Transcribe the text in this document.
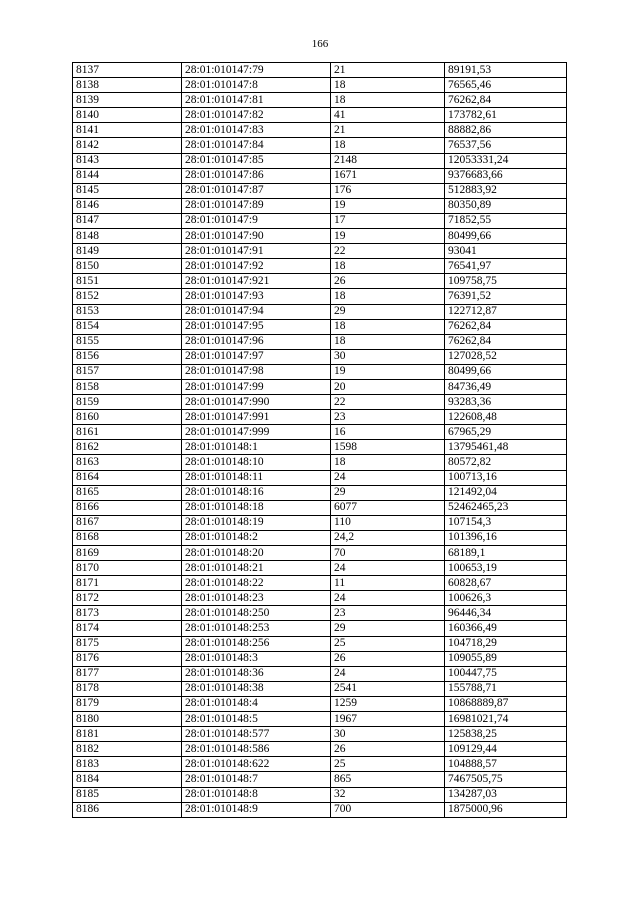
166
8137	28:01:010147:79	21	89191,53
8138	28:01:010147:8	18	76565,46
8139	28:01:010147:81	18	76262,84
8140	28:01:010147:82	41	173782,61
8141	28:01:010147:83	21	88882,86
8142	28:01:010147:84	18	76537,56
8143	28:01:010147:85	2148	12053331,24
8144	28:01:010147:86	1671	9376683,66
8145	28:01:010147:87	176	512883,92
8146	28:01:010147:89	19	80350,89
8147	28:01:010147:9	17	71852,55
8148	28:01:010147:90	19	80499,66
8149	28:01:010147:91	22	93041
8150	28:01:010147:92	18	76541,97
8151	28:01:010147:921	26	109758,75
8152	28:01:010147:93	18	76391,52
8153	28:01:010147:94	29	122712,87
8154	28:01:010147:95	18	76262,84
8155	28:01:010147:96	18	76262,84
8156	28:01:010147:97	30	127028,52
8157	28:01:010147:98	19	80499,66
8158	28:01:010147:99	20	84736,49
8159	28:01:010147:990	22	93283,36
8160	28:01:010147:991	23	122608,48
8161	28:01:010147:999	16	67965,29
8162	28:01:010148:1	1598	13795461,48
8163	28:01:010148:10	18	80572,82
8164	28:01:010148:11	24	100713,16
8165	28:01:010148:16	29	121492,04
8166	28:01:010148:18	6077	52462465,23
8167	28:01:010148:19	110	107154,3
8168	28:01:010148:2	24,2	101396,16
8169	28:01:010148:20	70	68189,1
8170	28:01:010148:21	24	100653,19
8171	28:01:010148:22	11	60828,67
8172	28:01:010148:23	24	100626,3
8173	28:01:010148:250	23	96446,34
8174	28:01:010148:253	29	160366,49
8175	28:01:010148:256	25	104718,29
8176	28:01:010148:3	26	109055,89
8177	28:01:010148:36	24	100447,75
8178	28:01:010148:38	2541	155788,71
8179	28:01:010148:4	1259	10868889,87
8180	28:01:010148:5	1967	16981021,74
8181	28:01:010148:577	30	125838,25
8182	28:01:010148:586	26	109129,44
8183	28:01:010148:622	25	104888,57
8184	28:01:010148:7	865	7467505,75
8185	28:01:010148:8	32	134287,03
8186	28:01:010148:9	700	1875000,96
